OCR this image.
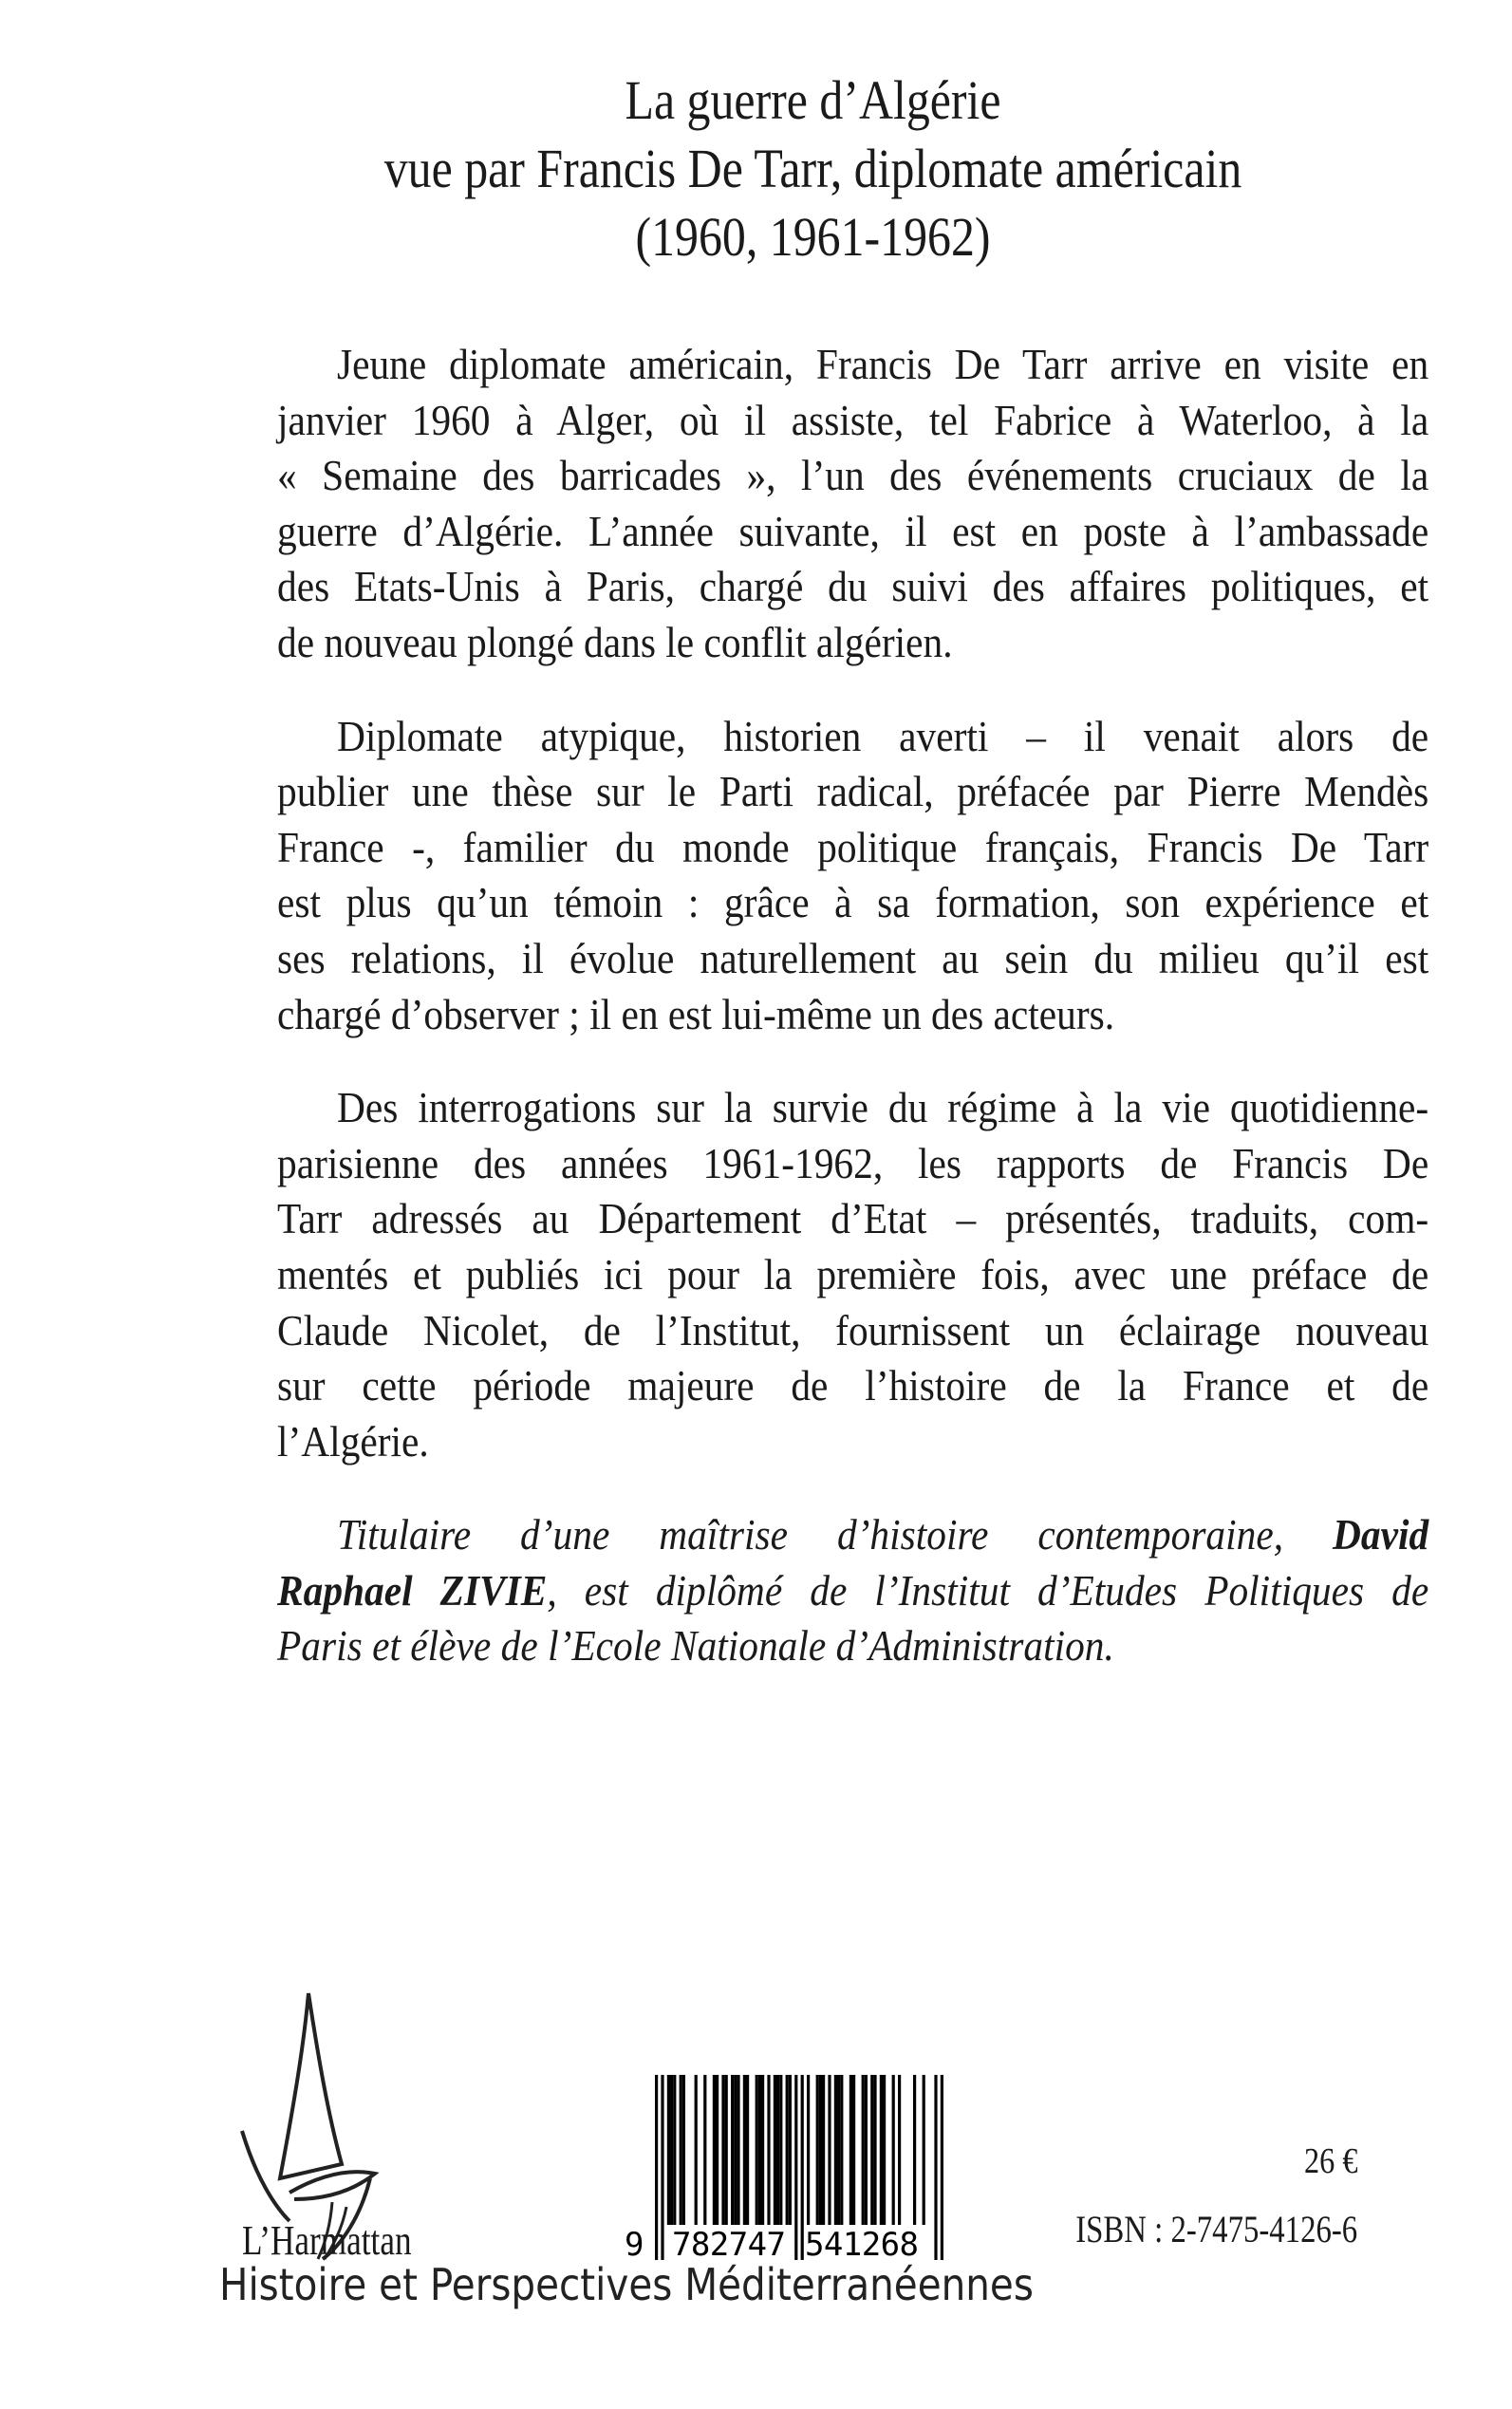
La guerre d’Algérie
vue par Francis De Tarr, diplomate américain
(1960, 1961-1962)
Jeune diplomate américain, Francis De Tarr arrive en visite en
janvier 1960 à Alger, où il assiste, tel Fabrice à Waterloo, à la
« Semaine des barricades », l’un des événements cruciaux de la
guerre d’Algérie. L’année suivante, il est en poste à l’ambassade
des Etats-Unis à Paris, chargé du suivi des affaires politiques, et
de nouveau plongé dans le conflit algérien.
Diplomate atypique, historien averti – il venait alors de
publier une thèse sur le Parti radical, préfacée par Pierre Mendès
France -, familier du monde politique français, Francis De Tarr
est plus qu’un témoin : grâce à sa formation, son expérience et
ses relations, il évolue naturellement au sein du milieu qu’il est
chargé d’observer ; il en est lui-même un des acteurs.
Des interrogations sur la survie du régime à la vie quotidienne-
parisienne des années 1961-1962, les rapports de Francis De
Tarr adressés au Département d’Etat – présentés, traduits, com-
mentés et publiés ici pour la première fois, avec une préface de
Claude Nicolet, de l’Institut, fournissent un éclairage nouveau
sur cette période majeure de l’histoire de la France et de
l’Algérie.
Titulaire d’une maîtrise d’histoire contemporaine, David
Raphael ZIVIE, est diplômé de l’Institut d’Etudes Politiques de
Paris et élève de l’Ecole Nationale d’Administration.
L’Harmattan	9 782747 541268
26 €
ISBN : 2-7475-4126-6
Histoire et Perspectives Méditerranéennes
